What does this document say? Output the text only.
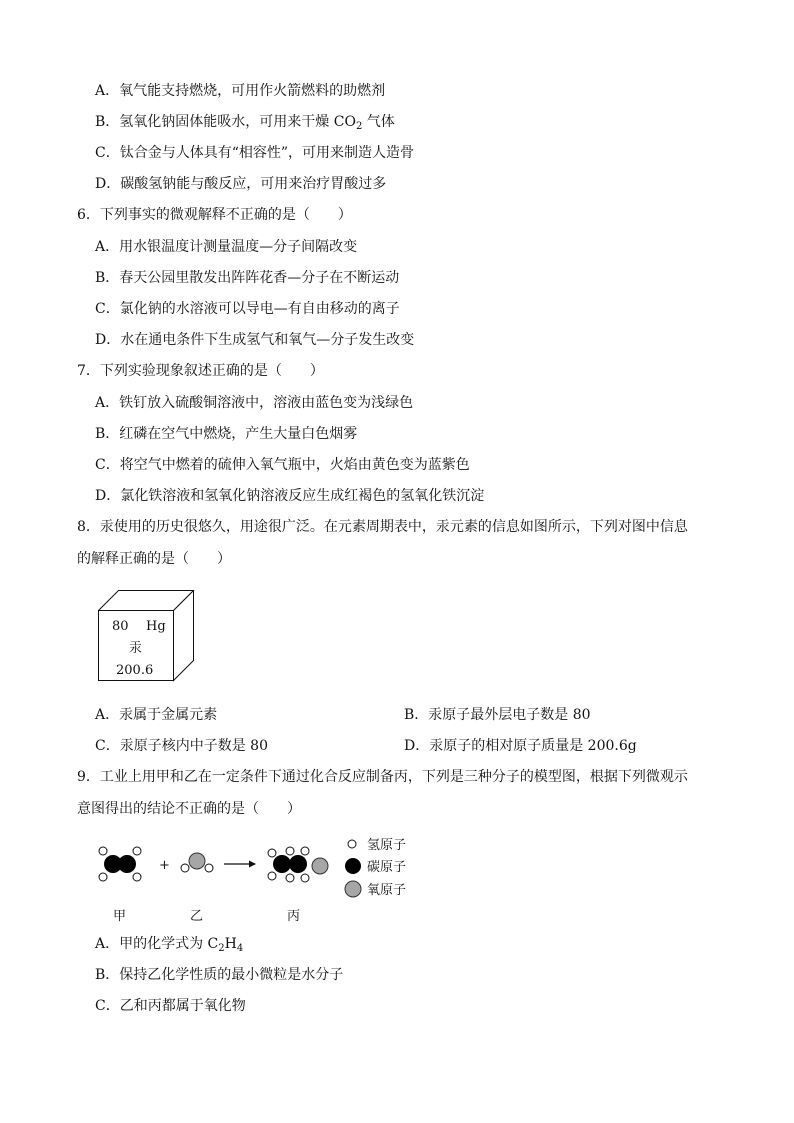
A．氧气能支持燃烧，可用作火箭燃料的助燃剂
B．氢氧化钠固体能吸水，可用来干燥 $CO_2$ 气体
C．钛合金与人体具有“相容性”，可用来制造人造骨
D．碳酸氢钠能与酸反应，可用来治疗胃酸过多
6．下列事实的微观解释不正确的是（　　）
A．用水银温度计测量温度—分子间隔改变
B．春天公园里散发出阵阵花香—分子在不断运动
C．氯化钠的水溶液可以导电—有自由移动的离子
D．水在通电条件下生成氢气和氧气—分子发生改变
7．下列实验现象叙述正确的是（　　）
A．铁钉放入硫酸铜溶液中，溶液由蓝色变为浅绿色
B．红磷在空气中燃烧，产生大量白色烟雾
C．将空气中燃着的硫伸入氧气瓶中，火焰由黄色变为蓝紫色
D．氯化铁溶液和氢氧化钠溶液反应生成红褐色的氢氧化铁沉淀
8．汞使用的历史很悠久，用途很广泛。在元素周期表中，汞元素的信息如图所示，下列对图中信息
的解释正确的是（　　）
80 Hg
汞
200.6
A．汞属于金属元素	B．汞原子最外层电子数是 80
C．汞原子核内中子数是 80	D．汞原子的相对原子质量是 200.6g
9．工业上用甲和乙在一定条件下通过化合反应制备丙，下列是三种分子的模型图，根据下列微观示
意图得出的结论不正确的是（　　）
+
甲	乙	丙
氢原子
碳原子
氧原子
A．甲的化学式为 $C_2H_4$
B．保持乙化学性质的最小微粒是水分子
C．乙和丙都属于氧化物
